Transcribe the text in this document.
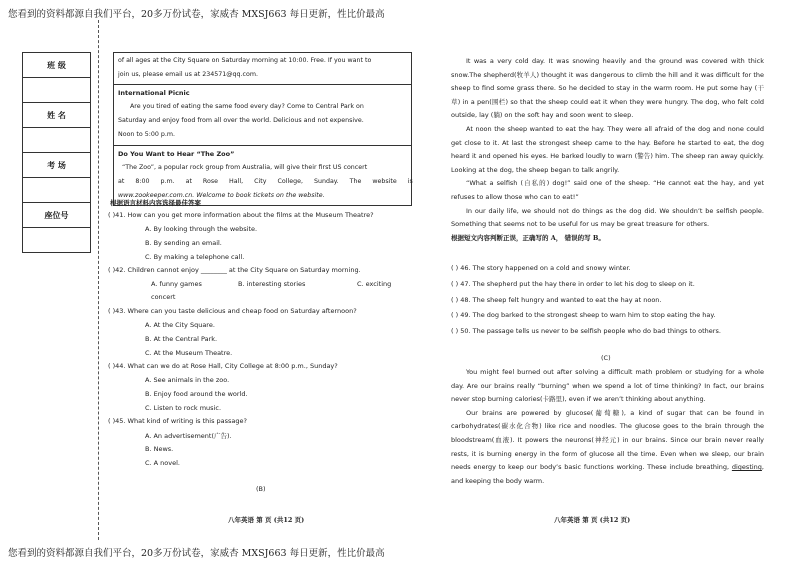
您看到的资料都源自我们平台，20多万份试卷，家威杏 MXSJ663 每日更新，性比价最高
您看到的资料都源自我们平台，20多万份试卷，家威杏 MXSJ663 每日更新，性比价最高
班 级

姓 名

考 场

座位号

of all ages at the City Square on Saturday morning at 10:00. Free. If you want to
join us, please email us at 234571@qq.com.
International Picnic
Are you tired of eating the same food every day? Come to Central Park on
Saturday and enjoy food from all over the world. Delicious and not expensive.
Noon to 5:00 p.m.
Do You Want to Hear “The Zoo”
“The Zoo”, a popular rock group from Australia, will give their first US concert
at 8:00 p.m. at Rose Hall, City College, Sunday. The website is
www.zookeeper.com.cn. Welcome to book tickets on the website.
根据语言材料内容选择最佳答案
( )41. How can you get more information about the films at the Museum Theatre?
A. By looking through the website.
B. By sending an email.
C. By making a telephone call.
( )42. Children cannot enjoy ________ at the City Square on Saturday morning.
A. funny games	B. interesting stories	C. exciting
concert
( )43. Where can you taste delicious and cheap food on Saturday afternoon?
A. At the City Square.
B. At the Central Park.
C. At the Museum Theatre.
( )44. What can we do at Rose Hall, City College at 8:00 p.m., Sunday?
A. See animals in the zoo.
B. Enjoy food around the world.
C. Listen to rock music.
( )45. What kind of writing is this passage?
A. An advertisement(广告).
B. News.
C. A novel.
(B)
八年英语 第 页 (共12 页)
It was a very cold day. It was snowing heavily and the ground was covered with thick snow.The shepherd(牧羊人) thought it was dangerous to climb the hill and it was difficult for the sheep to find some grass there. So he decided to stay in the warm room. He put some hay (干草) in a pen(围栏) so that the sheep could eat it when they were hungry. The dog, who felt cold outside, lay (躺) on the soft hay and soon went to sleep.
At noon the sheep wanted to eat the hay. They were all afraid of the dog and none could get close to it. At last the strongest sheep came to the hay. Before he started to eat, the dog heard it and opened his eyes. He barked loudly to warn (警告) him. The sheep ran away quickly. Looking at the dog, the sheep began to talk angrily.
“What a selfish (自私的) dog!” said one of the sheep. “He cannot eat the hay, and yet refuses to allow those who can to eat!”
In our daily life, we should not do things as the dog did. We shouldn’t be selfish people. Something that seems not to be useful for us may be great treasure for others.
根据短文内容判断正误，正确写的 A， 错误的写 B。
( ) 46. The story happened on a cold and snowy winter.
( ) 47. The shepherd put the hay there in order to let his dog to sleep on it.
( ) 48. The sheep felt hungry and wanted to eat the hay at noon.
( ) 49. The dog barked to the strongest sheep to warn him to stop eating the hay.
( ) 50. The passage tells us never to be selfish people who do bad things to others.
(C)
You might feel burned out after solving a difficult math problem or studying for a whole day. Are our brains really “burning” when we spend a lot of time thinking? In fact, our brains never stop burning calories(卡路里), even if we aren’t thinking about anything.
Our brains are powered by glucose(葡萄糖), a kind of sugar that can be found in carbohydrates(碳水化合物) like rice and noodles. The glucose goes to the brain through the bloodstream(血液). It powers the neurons(神经元) in our brains. Since our brain never really rests, it is burning energy in the form of glucose all the time. Even when we sleep, our brain needs energy to keep our body’s basic functions working. These include breathing, digesting, and keeping the body warm.
八年英语 第 页 (共12 页)
